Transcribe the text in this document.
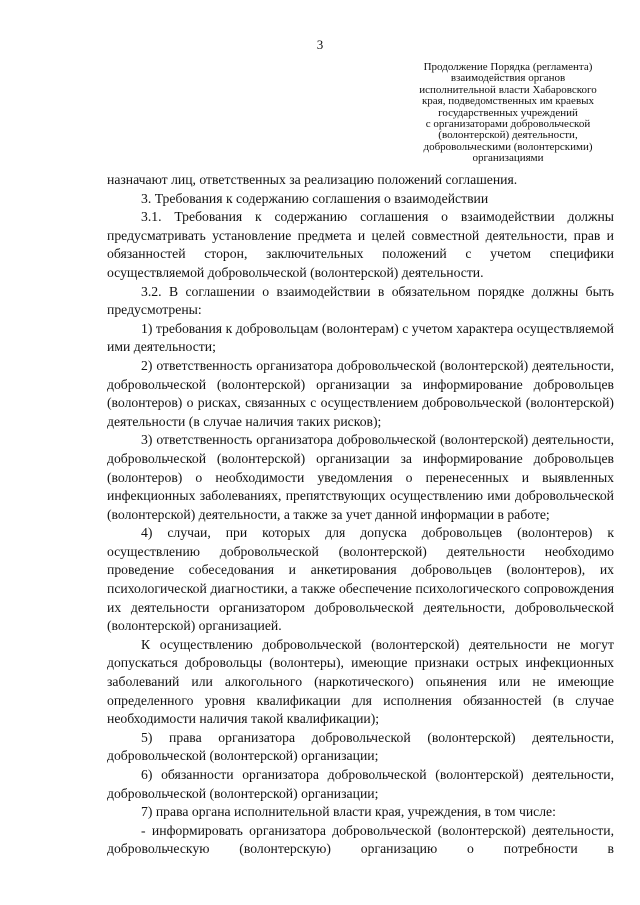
3
Продолжение Порядка (регламента)
взаимодействия органов
исполнительной власти Хабаровского
края, подведомственных им краевых
государственных учреждений
с организаторами добровольческой
(волонтерской) деятельности,
добровольческими (волонтерскими)
организациями

назначают лиц, ответственных за реализацию положений соглашения.

3. Требования к содержанию соглашения о взаимодействии

3.1. Требования к содержанию соглашения о взаимодействии должны предусматривать установление предмета и целей совместной деятельности, прав и обязанностей сторон, заключительных положений с учетом специфики осуществляемой добровольческой (волонтерской) деятельности.

3.2. В соглашении о взаимодействии в обязательном порядке должны быть предусмотрены:

1) требования к добровольцам (волонтерам) с учетом характера осуществляемой ими деятельности;

2) ответственность организатора добровольческой (волонтерской) деятельности, добровольческой (волонтерской) организации за информирование добровольцев (волонтеров) о рисках, связанных с осуществлением добровольческой (волонтерской) деятельности (в случае наличия таких рисков);

3) ответственность организатора добровольческой (волонтерской) деятельности, добровольческой (волонтерской) организации за информирование добровольцев (волонтеров) о необходимости уведомления о перенесенных и выявленных инфекционных заболеваниях, препятствующих осуществлению ими добровольческой (волонтерской) деятельности, а также за учет данной информации в работе;

4) случаи, при которых для допуска добровольцев (волонтеров) к осуществлению добровольческой (волонтерской) деятельности необходимо проведение собеседования и анкетирования добровольцев (волонтеров), их психологической диагностики, а также обеспечение психологического сопровождения их деятельности организатором добровольческой деятельности, добровольческой (волонтерской) организацией.

К осуществлению добровольческой (волонтерской) деятельности не могут допускаться добровольцы (волонтеры), имеющие признаки острых инфекционных заболеваний или алкогольного (наркотического) опьянения или не имеющие определенного уровня квалификации для исполнения обязанностей (в случае необходимости наличия такой квалификации);

5) права организатора добровольческой (волонтерской) деятельности, добровольческой (волонтерской) организации;

6) обязанности организатора добровольческой (волонтерской) деятельности, добровольческой (волонтерской) организации;

7) права органа исполнительной власти края, учреждения, в том числе:

- информировать организатора добровольческой (волонтерской) деятельности, добровольческую (волонтерскую) организацию о потребности в
